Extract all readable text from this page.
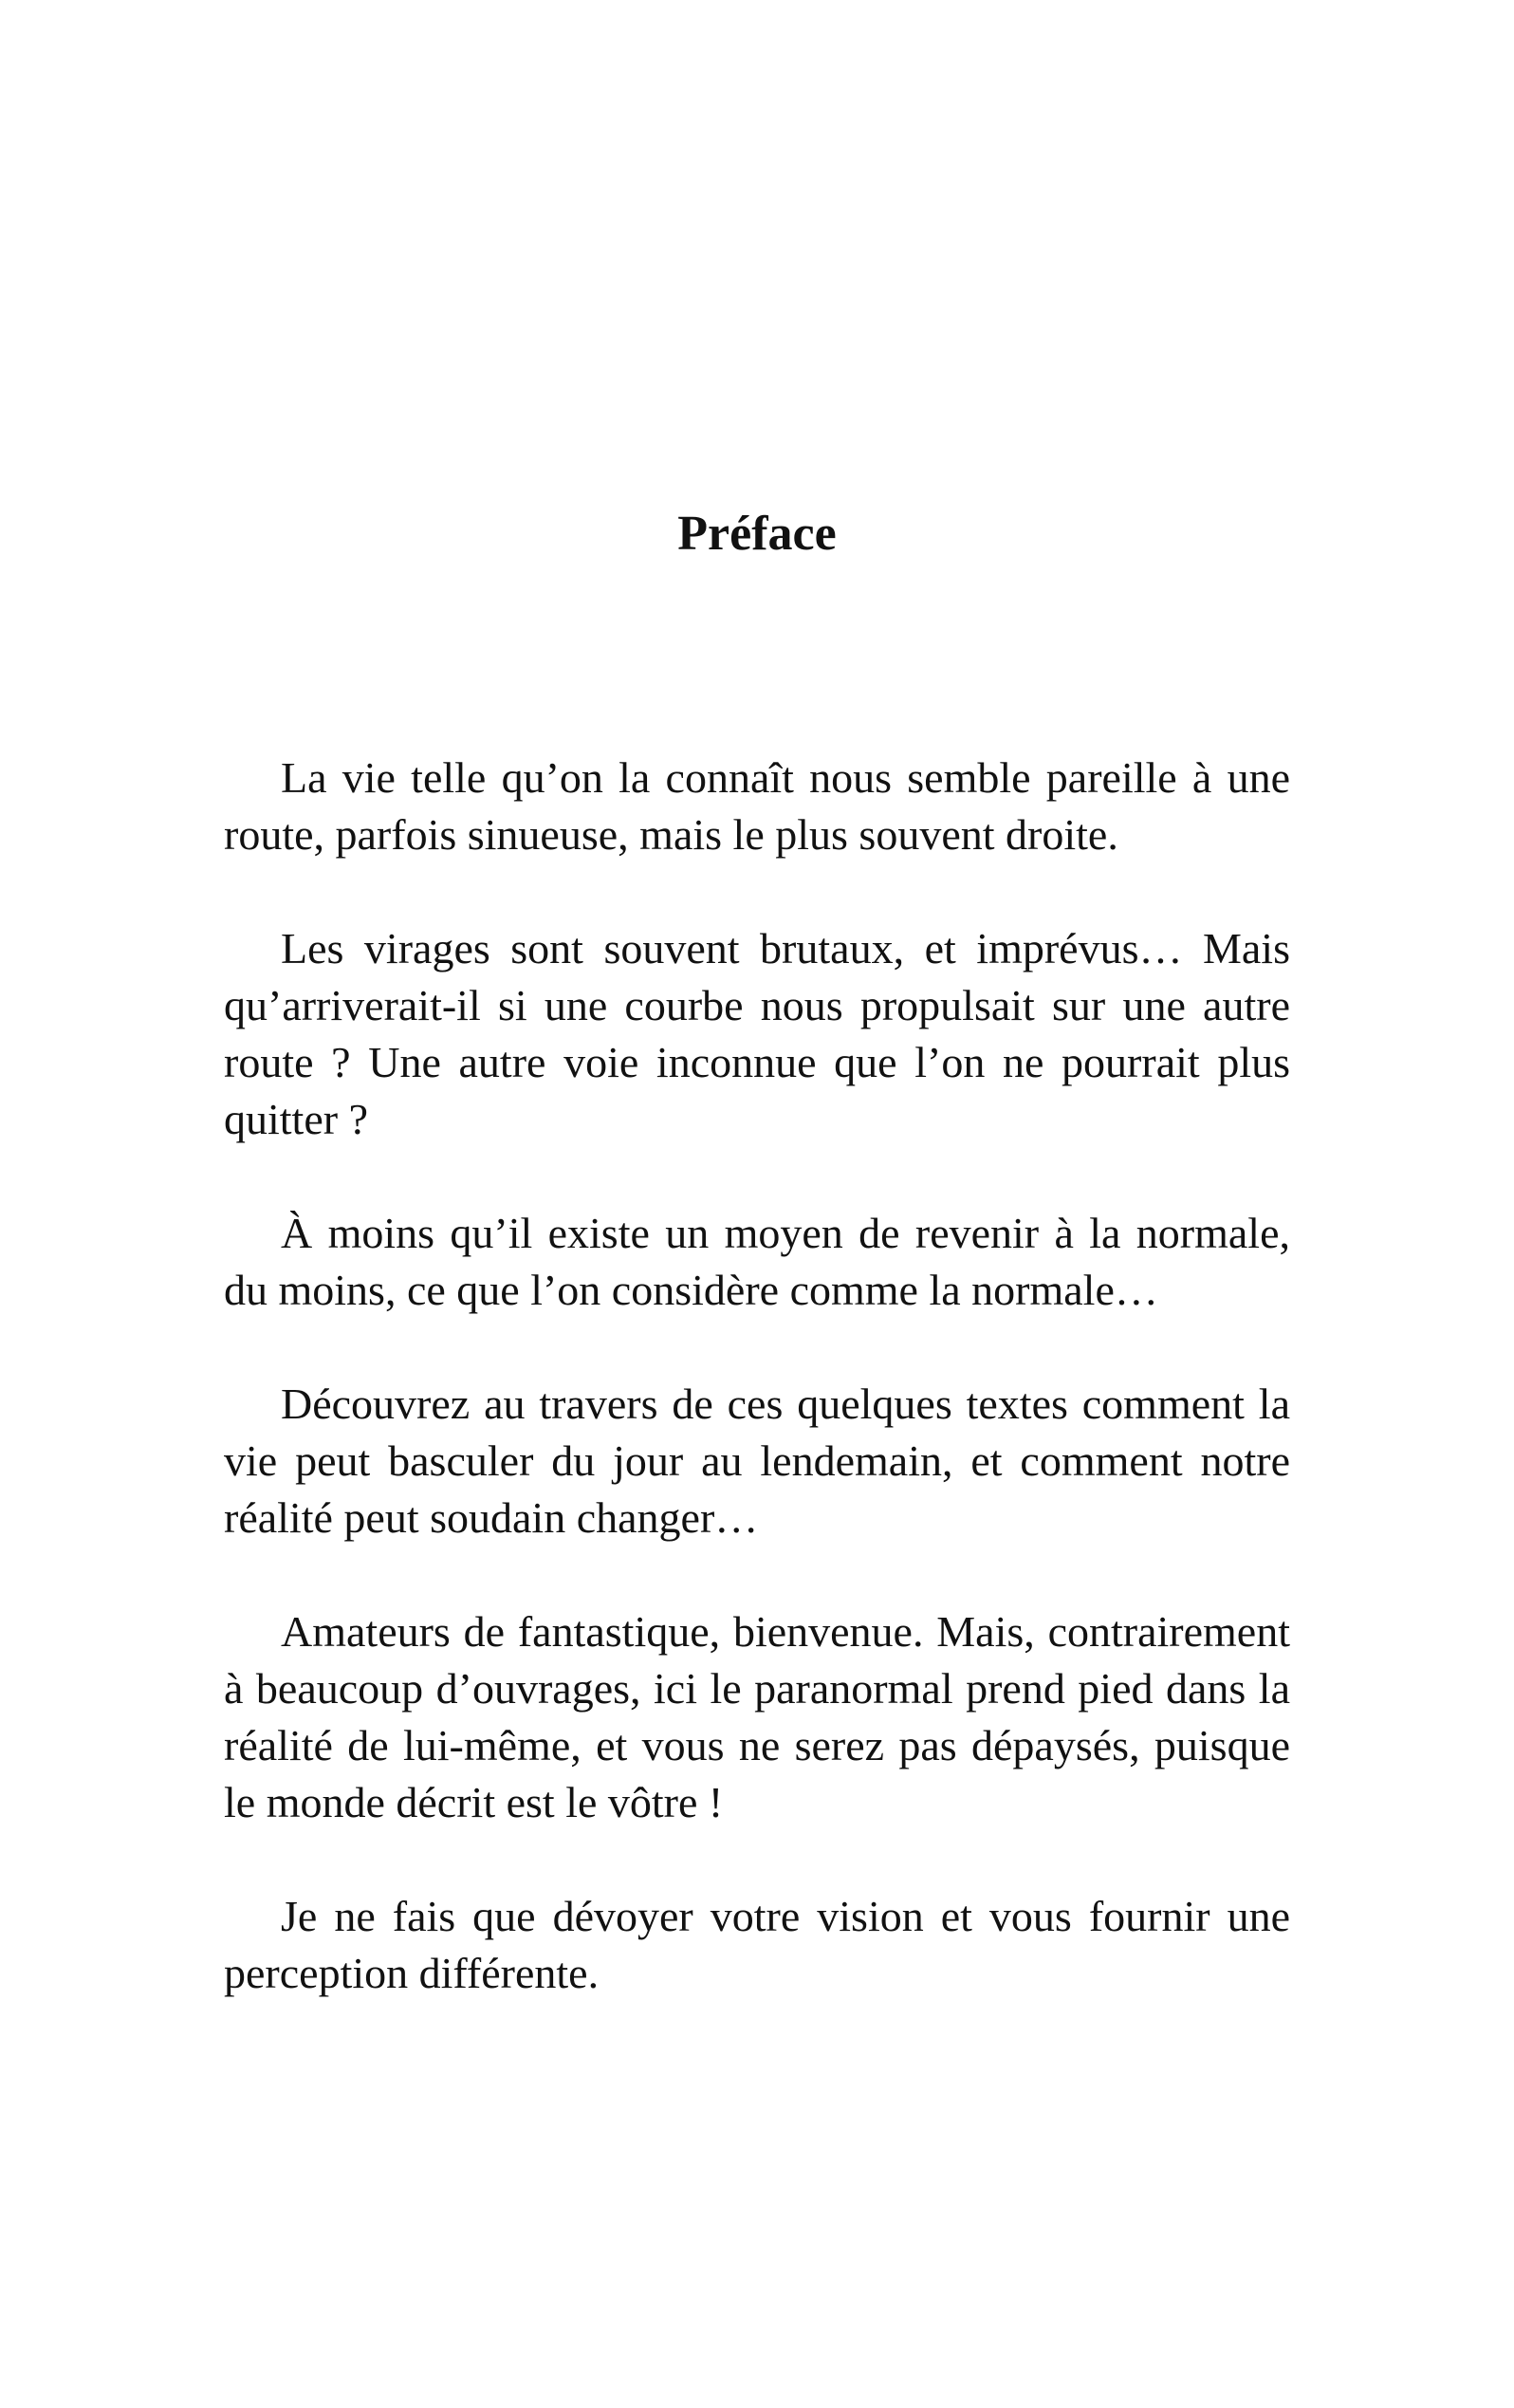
Préface

La vie telle qu’on la connaît nous semble pareille à une route, parfois sinueuse, mais le plus souvent droite.

Les virages sont souvent brutaux, et imprévus… Mais qu’arriverait-il si une courbe nous propulsait sur une autre route ? Une autre voie inconnue que l’on ne pourrait plus quitter ?

À moins qu’il existe un moyen de revenir à la normale, du moins, ce que l’on considère comme la normale…

Découvrez au travers de ces quelques textes comment la vie peut basculer du jour au lendemain, et comment notre réalité peut soudain changer…

Amateurs de fantastique, bienvenue. Mais, contrairement à beaucoup d’ouvrages, ici le paranormal prend pied dans la réalité de lui-même, et vous ne serez pas dépaysés, puisque le monde décrit est le vôtre !

Je ne fais que dévoyer votre vision et vous fournir une perception différente.
